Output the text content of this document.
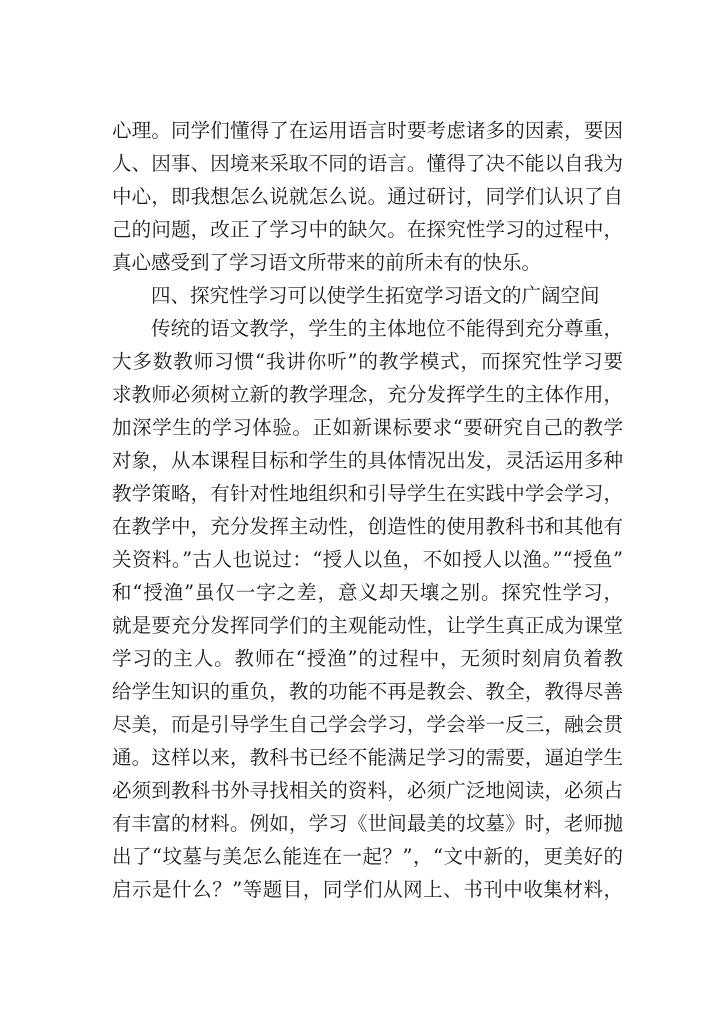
心理。同学们懂得了在运用语言时要考虑诸多的因素，要因
人、因事、因境来采取不同的语言。懂得了决不能以自我为
中心，即我想怎么说就怎么说。通过研讨，同学们认识了自
己的问题，改正了学习中的缺欠。在探究性学习的过程中，
真心感受到了学习语文所带来的前所未有的快乐。
四、探究性学习可以使学生拓宽学习语文的广阔空间
传统的语文教学，学生的主体地位不能得到充分尊重，
大多数教师习惯“我讲你听”的教学模式，而探究性学习要
求教师必须树立新的教学理念，充分发挥学生的主体作用，
加深学生的学习体验。正如新课标要求“要研究自己的教学
对象，从本课程目标和学生的具体情况出发，灵活运用多种
教学策略，有针对性地组织和引导学生在实践中学会学习，
在教学中，充分发挥主动性，创造性的使用教科书和其他有
关资料。”古人也说过：“授人以鱼，不如授人以渔。”“授鱼”
和“授渔”虽仅一字之差，意义却天壤之别。探究性学习，
就是要充分发挥同学们的主观能动性，让学生真正成为课堂
学习的主人。教师在“授渔”的过程中，无须时刻肩负着教
给学生知识的重负，教的功能不再是教会、教全，教得尽善
尽美，而是引导学生自己学会学习，学会举一反三，融会贯
通。这样以来，教科书已经不能满足学习的需要，逼迫学生
必须到教科书外寻找相关的资料，必须广泛地阅读，必须占
有丰富的材料。例如，学习《世间最美的坟墓》时，老师抛
出了“坟墓与美怎么能连在一起？”，“文中新的，更美好的
启示是什么？”等题目，同学们从网上、书刊中收集材料，
